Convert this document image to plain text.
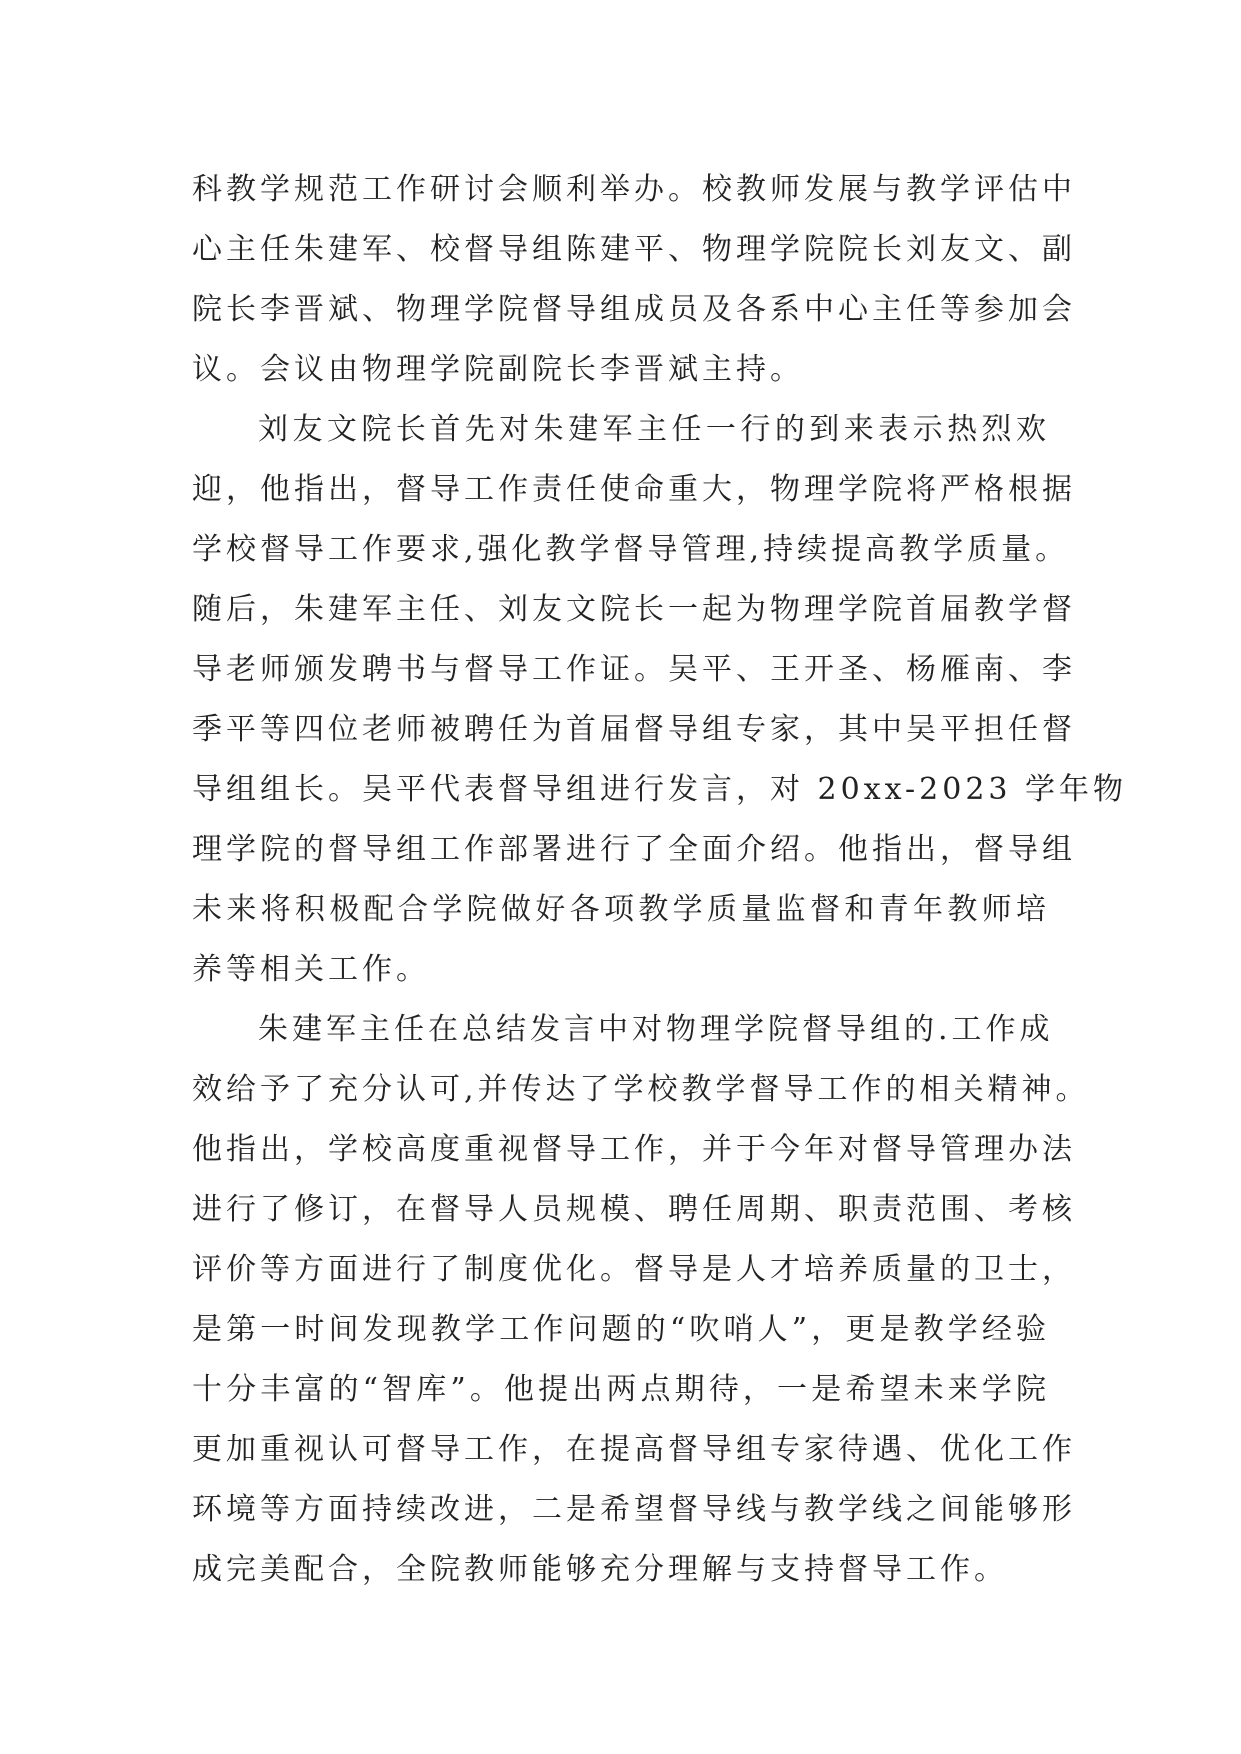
科教学规范工作研讨会顺利举办。校教师发展与教学评估中
心主任朱建军、校督导组陈建平、物理学院院长刘友文、副
院长李晋斌、物理学院督导组成员及各系中心主任等参加会
议。会议由物理学院副院长李晋斌主持。
刘友文院长首先对朱建军主任一行的到来表示热烈欢
迎，他指出，督导工作责任使命重大，物理学院将严格根据
学校督导工作要求,强化教学督导管理,持续提高教学质量。
随后，朱建军主任、刘友文院长一起为物理学院首届教学督
导老师颁发聘书与督导工作证。吴平、王开圣、杨雁南、李
季平等四位老师被聘任为首届督导组专家，其中吴平担任督
导组组长。吴平代表督导组进行发言，对 20xx-2023 学年物
理学院的督导组工作部署进行了全面介绍。他指出，督导组
未来将积极配合学院做好各项教学质量监督和青年教师培
养等相关工作。
朱建军主任在总结发言中对物理学院督导组的.工作成
效给予了充分认可,并传达了学校教学督导工作的相关精神。
他指出，学校高度重视督导工作，并于今年对督导管理办法
进行了修订，在督导人员规模、聘任周期、职责范围、考核
评价等方面进行了制度优化。督导是人才培养质量的卫士，
是第一时间发现教学工作问题的“吹哨人”，更是教学经验
十分丰富的“智库”。他提出两点期待，一是希望未来学院
更加重视认可督导工作，在提高督导组专家待遇、优化工作
环境等方面持续改进，二是希望督导线与教学线之间能够形
成完美配合，全院教师能够充分理解与支持督导工作。
